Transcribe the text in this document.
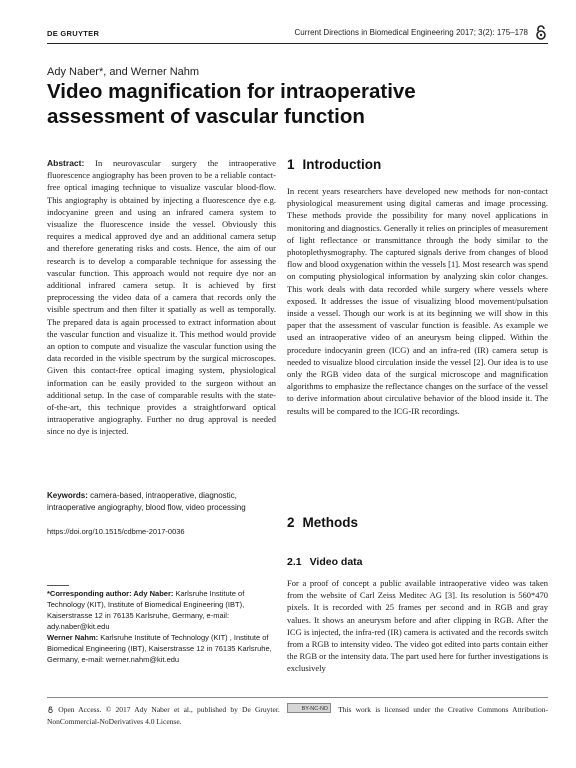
DE GRUYTER	Current Directions in Biomedical Engineering 2017; 3(2): 175–178
Ady Naber*, and Werner Nahm
Video magnification for intraoperative assessment of vascular function
Abstract: In neurovascular surgery the intraoperative fluorescence angiography has been proven to be a reliable contact-free optical imaging technique to visualize vascular blood-flow. This angiography is obtained by injecting a fluorescence dye e.g. indocyanine green and using an infrared camera system to visualize the fluorescence inside the vessel. Obviously this requires a medical approved dye and an additional camera setup and therefore generating risks and costs. Hence, the aim of our research is to develop a comparable technique for assessing the vascular function. This approach would not require dye nor an additional infrared camera setup. It is achieved by first preprocessing the video data of a camera that records only the visible spectrum and then filter it spatially as well as temporally. The prepared data is again processed to extract information about the vascular function and visualize it. This method would provide an option to compute and visualize the vascular function using the data recorded in the visible spectrum by the surgical microscopes. Given this contact-free optical imaging system, physiological information can be easily provided to the surgeon without an additional setup. In the case of comparable results with the state-of-the-art, this technique provides a straightforward optical intraoperative angiography. Further no drug approval is needed since no dye is injected.
Keywords: camera-based, intraoperative, diagnostic, intraoperative angiography, blood flow, video processing
https://doi.org/10.1515/cdbme-2017-0036
*Corresponding author: Ady Naber: Karlsruhe Institute of Technology (KIT), Institute of Biomedical Engineering (IBT), Kaiserstrasse 12 in 76135 Karlsruhe, Germany, e-mail: ady.naber@kit.edu
Werner Nahm: Karlsruhe Institute of Technology (KIT) , Institute of Biomedical Engineering (IBT), Kaiserstrasse 12 in 76135 Karlsruhe, Germany, e-mail: werner.nahm@kit.edu
1 Introduction
In recent years researchers have developed new methods for non-contact physiological measurement using digital cameras and image processing. These methods provide the possibility for many novel applications in monitoring and diagnostics. Generally it relies on principles of measurement of light reflectance or transmittance through the body similar to the photoplethysmography. The captured signals derive from changes of blood flow and blood oxygenation within the vessels [1]. Most research was spend on computing physiological information by analyzing skin color changes. This work deals with data recorded while surgery where vessels where exposed. It addresses the issue of visualizing blood movement/pulsation inside a vessel. Though our work is at its beginning we will show in this paper that the assessment of vascular function is feasible. As example we used an intraoperative video of an aneurysm being clipped. Within the procedure indocyanin green (ICG) and an infra-red (IR) camera setup is needed to visualize blood circulation inside the vessel [2]. Our idea is to use only the RGB video data of the surgical microscope and magnification algorithms to emphasize the reflectance changes on the surface of the vessel to derive information about circulative behavior of the blood inside it. The results will be compared to the ICG-IR recordings.
2 Methods
2.1 Video data
For a proof of concept a public available intraoperative video was taken from the website of Carl Zeiss Meditec AG [3]. Its resolution is 560*470 pixels. It is recorded with 25 frames per second and in RGB and gray values. It shows an aneurysm before and after clipping in RGB. After the ICG is injected, the infra-red (IR) camera is activated and the records switch from a RGB to intensity video. The video got edited into parts contain either the RGB or the intensity data. The part used here for further investigations is exclusively
Open Access. © 2017 Ady Naber et al., published by De Gruyter.	BY-NC-ND This work is licensed under the Creative Commons Attribution-NonCommercial-NoDerivatives 4.0 License.
